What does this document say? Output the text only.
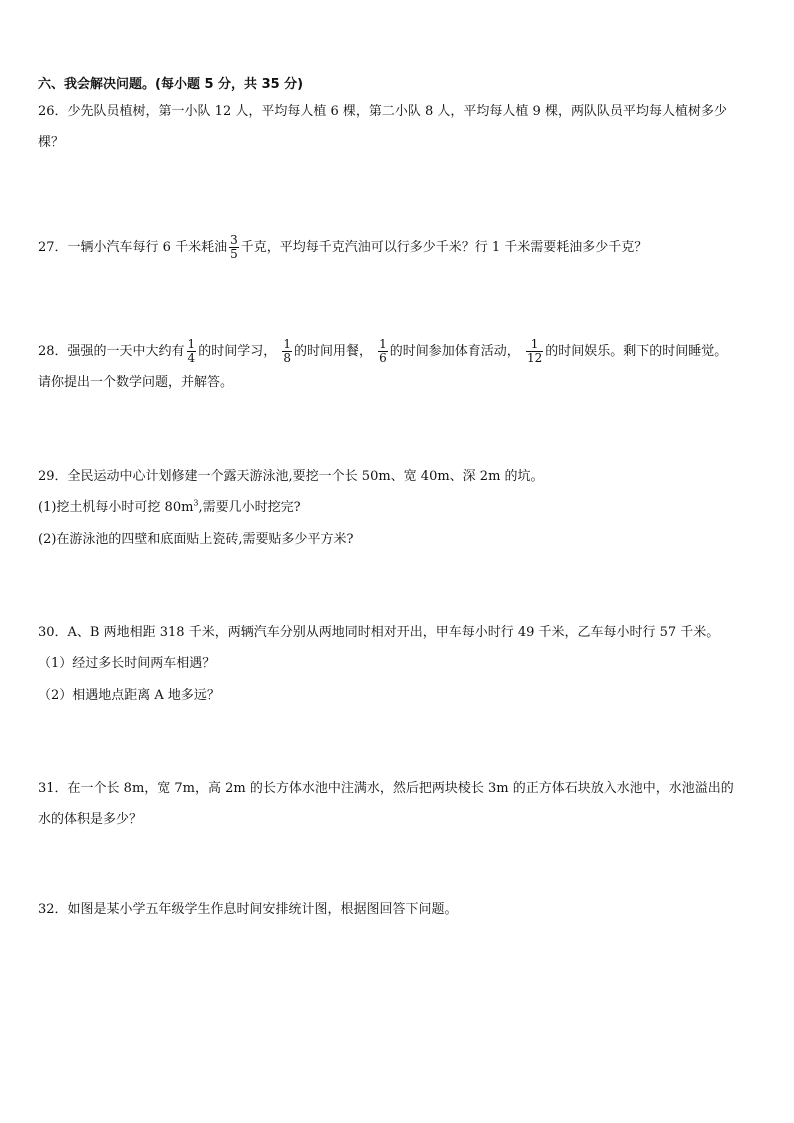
六、我会解决问题。(每小题 5 分，共 35 分)
26．少先队员植树，第一小队 12 人，平均每人植 6 棵，第二小队 8 人，平均每人植 9 棵，两队队员平均每人植树多少
棵？
27．一辆小汽车每行 6 千米耗油 $\frac{3}{5}$ 千克，平均每千克汽油可以行多少千米？行 1 千米需要耗油多少千克？
28．强强的一天中大约有 $\frac{1}{4}$ 的时间学习， $\frac{1}{8}$ 的时间用餐， $\frac{1}{6}$ 的时间参加体育活动， $\frac{1}{12}$ 的时间娱乐。剩下的时间睡觉。
请你提出一个数学问题，并解答。
29．全民运动中心计划修建一个露天游泳池,要挖一个长 50m、宽 40m、深 2m 的坑。
(1)挖土机每小时可挖 $80m^3$,需要几小时挖完?
(2)在游泳池的四壁和底面贴上瓷砖,需要贴多少平方米?
30．A、B 两地相距 318 千米，两辆汽车分别从两地同时相对开出，甲车每小时行 49 千米，乙车每小时行 57 千米。
（1）经过多长时间两车相遇？
（2）相遇地点距离 A 地多远？
31．在一个长 8m，宽 7m，高 2m 的长方体水池中注满水，然后把两块棱长 3m 的正方体石块放入水池中，水池溢出的
水的体积是多少？
32．如图是某小学五年级学生作息时间安排统计图，根据图回答下问题。
